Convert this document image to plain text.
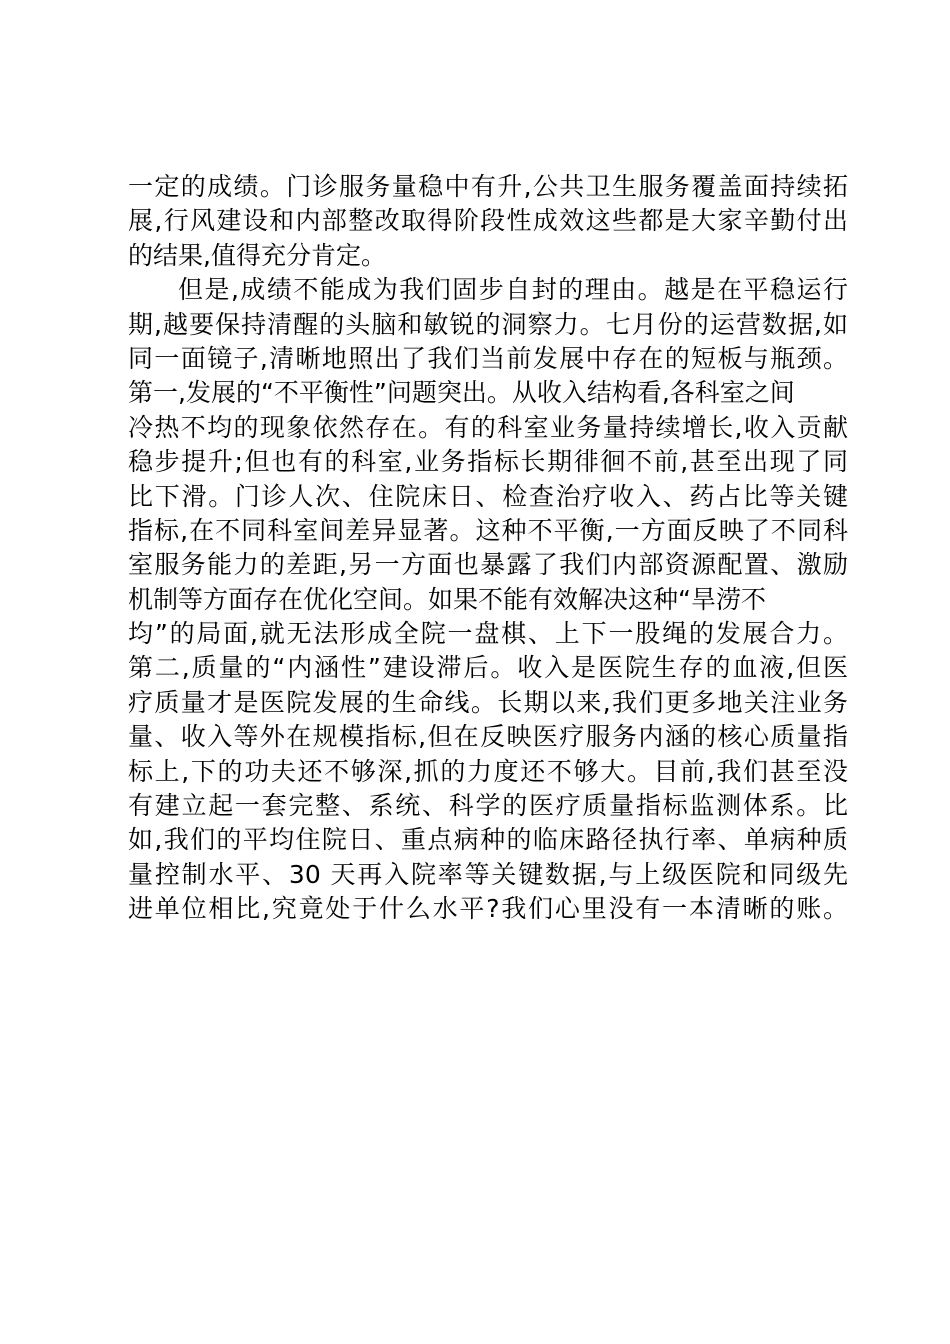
一定的成绩。门诊服务量稳中有升,公共卫生服务覆盖面持续拓
展,行风建设和内部整改取得阶段性成效这些都是大家辛勤付出
的结果,值得充分肯定。
但是,成绩不能成为我们固步自封的理由。越是在平稳运行
期,越要保持清醒的头脑和敏锐的洞察力。七月份的运营数据,如
同一面镜子,清晰地照出了我们当前发展中存在的短板与瓶颈。
第一,发展的“不平衡性”问题突出。从收入结构看,各科室之间
冷热不均的现象依然存在。有的科室业务量持续增长,收入贡献
稳步提升;但也有的科室,业务指标长期徘徊不前,甚至出现了同
比下滑。门诊人次、住院床日、检查治疗收入、药占比等关键
指标,在不同科室间差异显著。这种不平衡,一方面反映了不同科
室服务能力的差距,另一方面也暴露了我们内部资源配置、激励
机制等方面存在优化空间。如果不能有效解决这种“旱涝不
均”的局面,就无法形成全院一盘棋、上下一股绳的发展合力。
第二,质量的“内涵性”建设滞后。收入是医院生存的血液,但医
疗质量才是医院发展的生命线。长期以来,我们更多地关注业务
量、收入等外在规模指标,但在反映医疗服务内涵的核心质量指
标上,下的功夫还不够深,抓的力度还不够大。目前,我们甚至没
有建立起一套完整、系统、科学的医疗质量指标监测体系。比
如,我们的平均住院日、重点病种的临床路径执行率、单病种质
量控制水平、30 天再入院率等关键数据,与上级医院和同级先
进单位相比,究竟处于什么水平?我们心里没有一本清晰的账。
